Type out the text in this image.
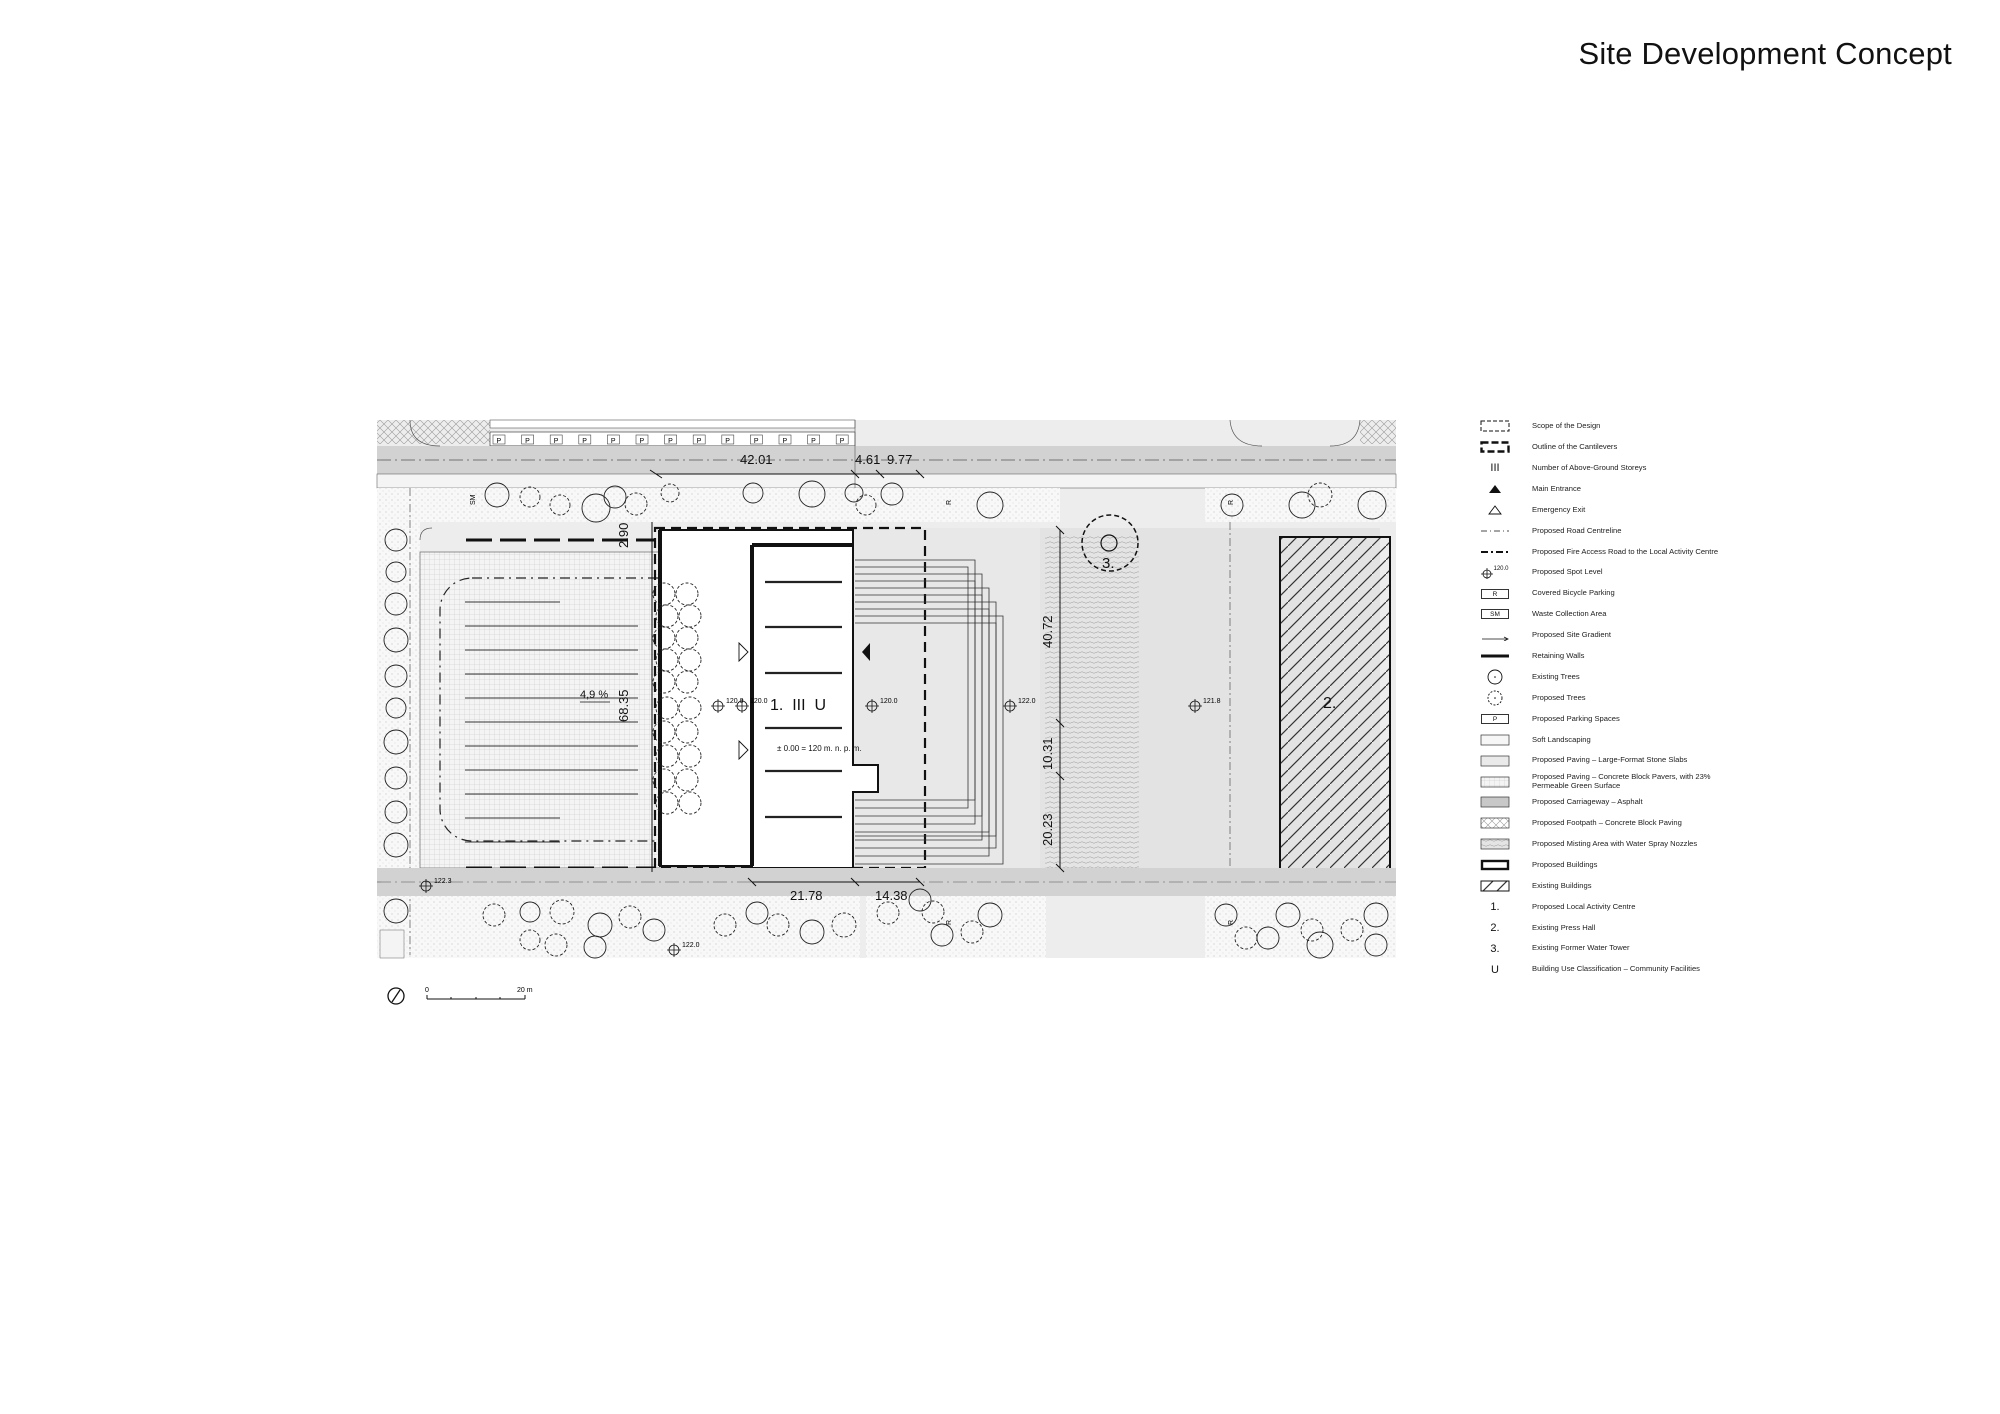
Site Development Concept
P	P	P	P	P	P	P	P	P	P	P	P	P
R	R
R	R
SM
120.0	120.0	122.0	121.8
122.3
122.0
120.0
42.01	4.61 9.77
2.90
68.35
40.72
10.31
20.23
21.78	14.38
1.  III  U	2.
3.
± 0.00 = 120 m. n. p. m.
4,9 %
0	20 m
Scope of the Design
Outline of the Cantilevers
III	Number of Above-Ground Storeys
Main Entrance
Emergency Exit
Proposed Road Centreline
Proposed Fire Access Road to the Local Activity Centre
120.0	Proposed Spot Level
R	Covered Bicycle Parking
SM	Waste Collection Area
Proposed Site Gradient
Retaining Walls
Existing Trees
Proposed Trees
P	Proposed Parking Spaces
Soft Landscaping
Proposed Paving – Large-Format Stone Slabs
Proposed Paving – Concrete Block Pavers, with 23% Permeable Green Surface
Proposed Carriageway – Asphalt
Proposed Footpath – Concrete Block Paving
Proposed Misting Area with Water Spray Nozzles
Proposed Buildings
Existing Buildings
1.	Proposed Local Activity Centre
2.	Existing Press Hall
3.	Existing Former Water Tower
U	Building Use Classification – Community Facilities
